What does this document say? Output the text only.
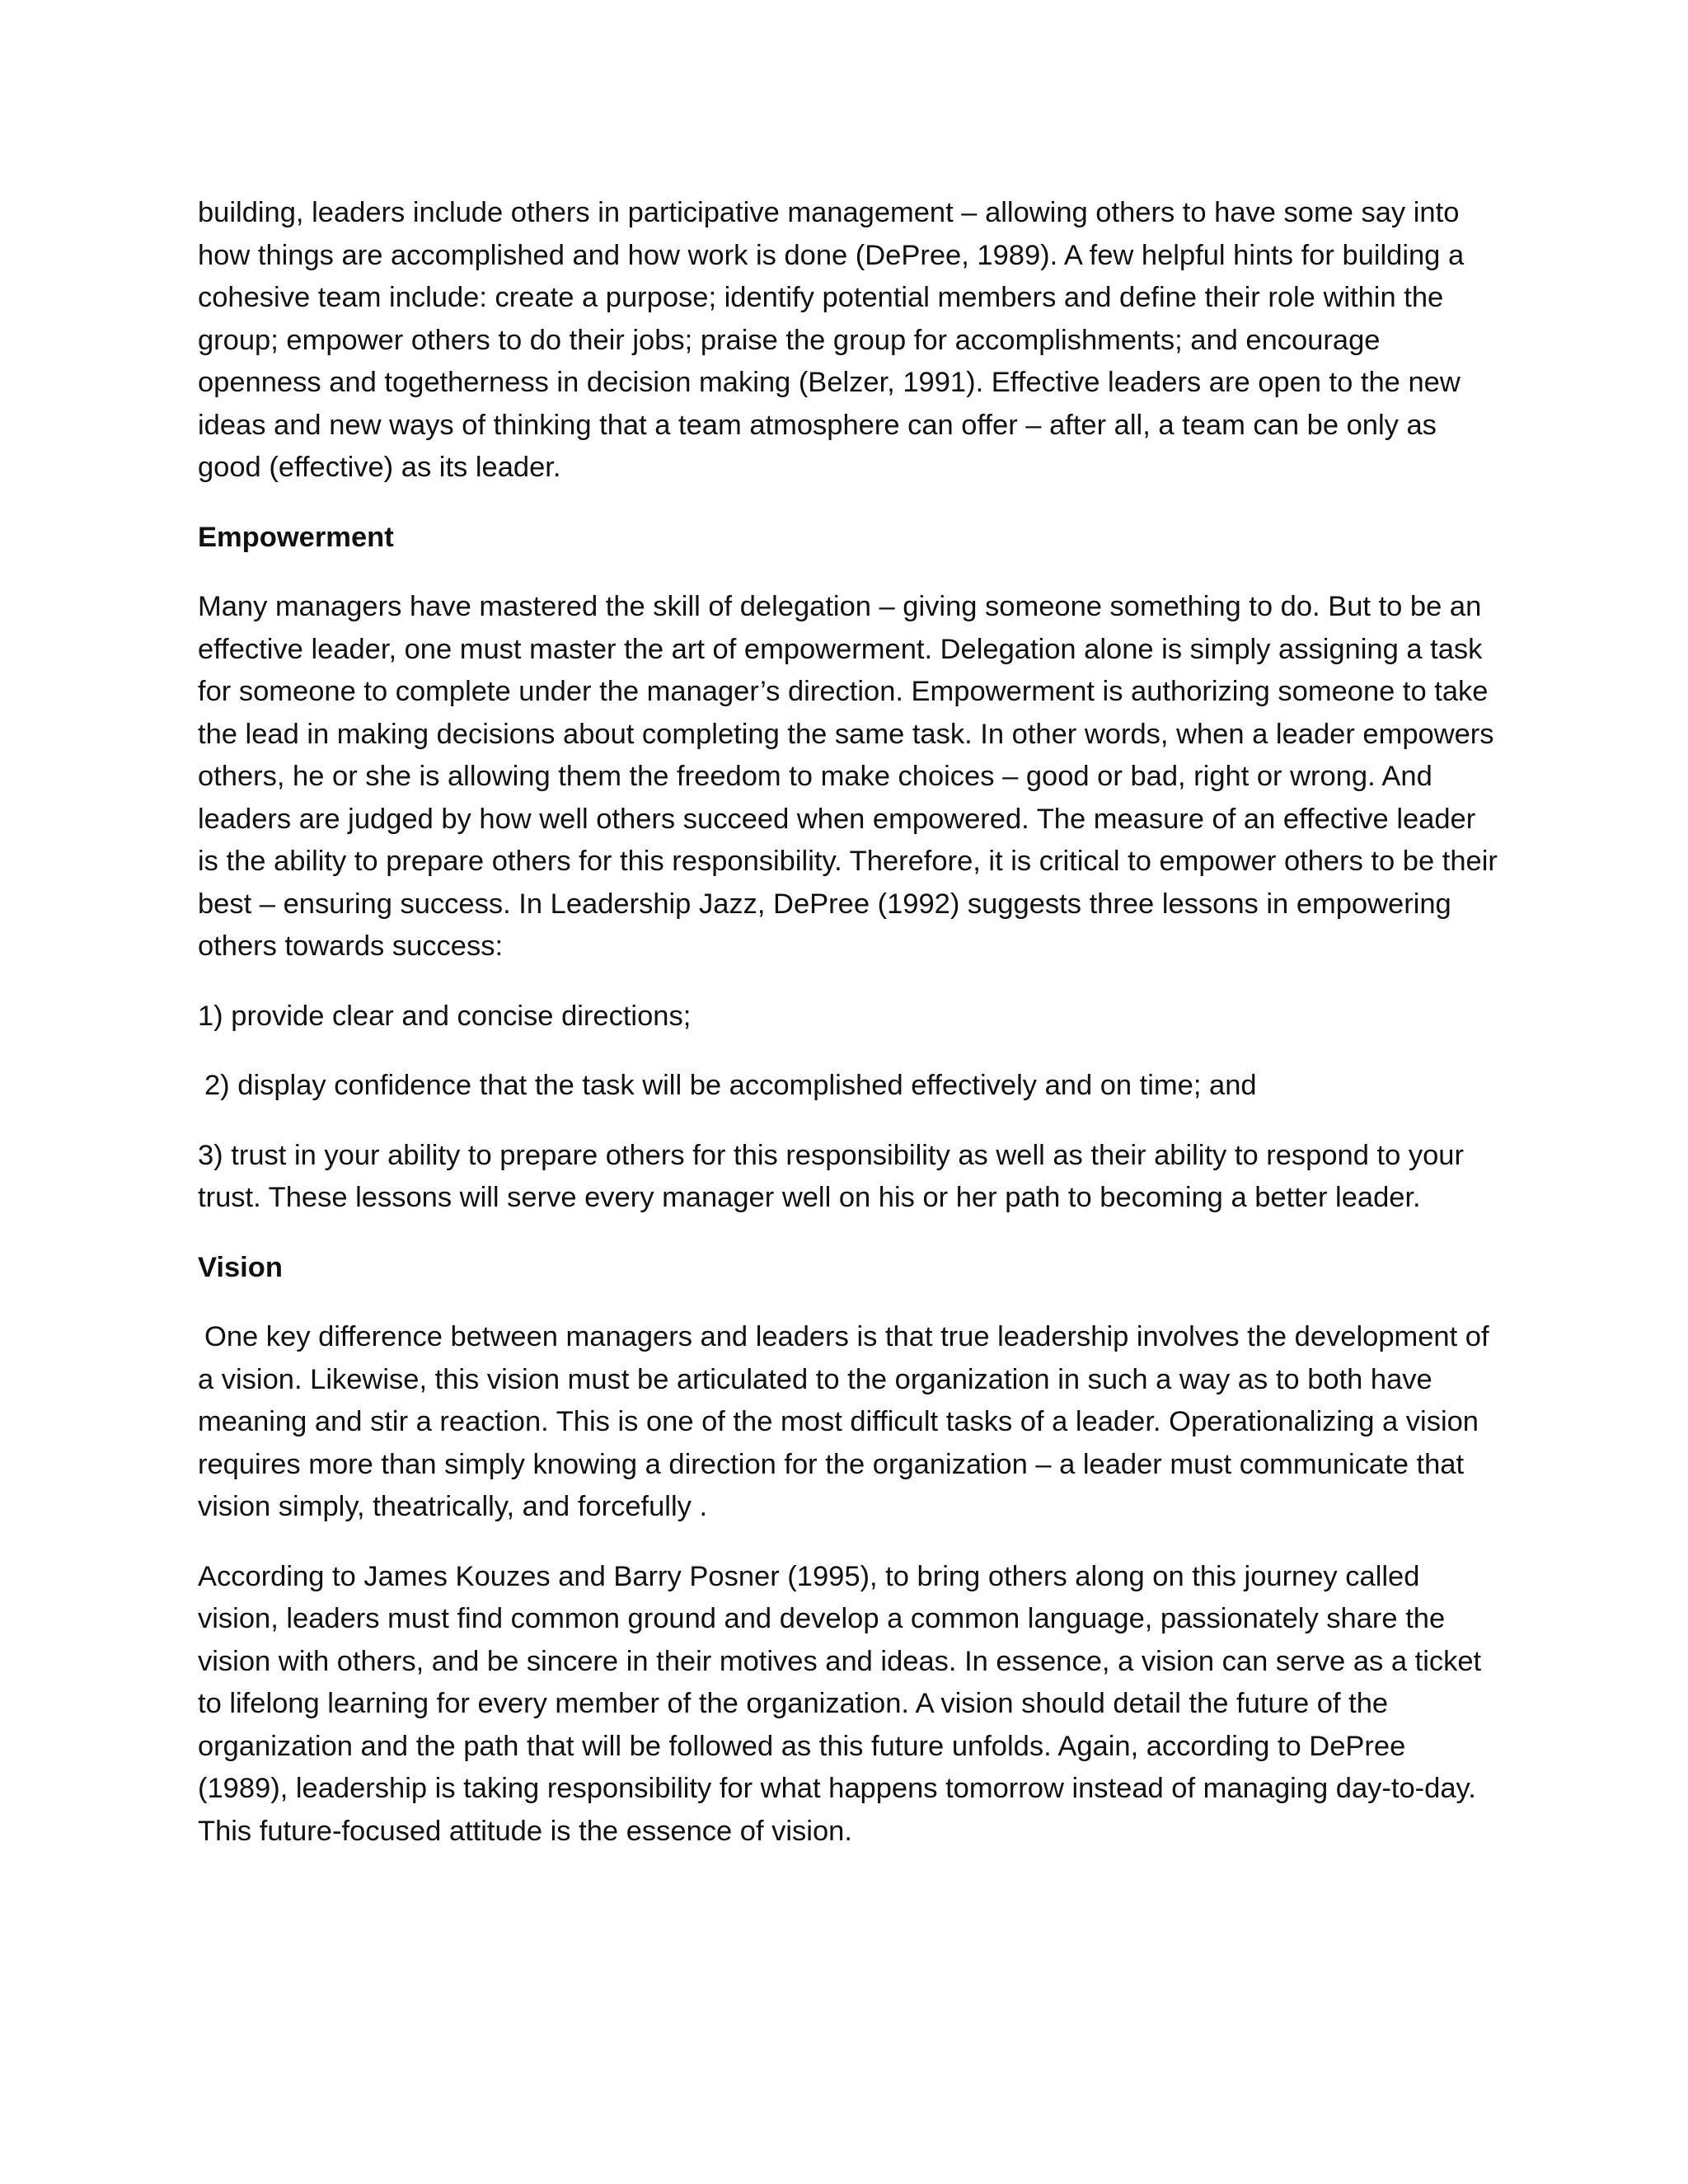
building, leaders include others in participative management – allowing others to have some say into how things are accomplished and how work is done (DePree, 1989). A few helpful hints for building a cohesive team include: create a purpose; identify potential members and define their role within the group; empower others to do their jobs; praise the group for accomplishments; and encourage openness and togetherness in decision making (Belzer, 1991). Effective leaders are open to the new ideas and new ways of thinking that a team atmosphere can offer – after all, a team can be only as good (effective) as its leader.

Empowerment

Many managers have mastered the skill of delegation – giving someone something to do. But to be an effective leader, one must master the art of empowerment. Delegation alone is simply assigning a task for someone to complete under the manager’s direction. Empowerment is authorizing someone to take the lead in making decisions about completing the same task. In other words, when a leader empowers others, he or she is allowing them the freedom to make choices – good or bad, right or wrong. And leaders are judged by how well others succeed when empowered. The measure of an effective leader is the ability to prepare others for this responsibility. Therefore, it is critical to empower others to be their best – ensuring success. In Leadership Jazz, DePree (1992) suggests three lessons in empowering others towards success:

1) provide clear and concise directions;

2) display confidence that the task will be accomplished effectively and on time; and

3) trust in your ability to prepare others for this responsibility as well as their ability to respond to your trust. These lessons will serve every manager well on his or her path to becoming a better leader.

Vision

One key difference between managers and leaders is that true leadership involves the development of a vision. Likewise, this vision must be articulated to the organization in such a way as to both have meaning and stir a reaction. This is one of the most difficult tasks of a leader. Operationalizing a vision requires more than simply knowing a direction for the organization – a leader must communicate that vision simply, theatrically, and forcefully .

According to James Kouzes and Barry Posner (1995), to bring others along on this journey called vision, leaders must find common ground and develop a common language, passionately share the vision with others, and be sincere in their motives and ideas. In essence, a vision can serve as a ticket to lifelong learning for every member of the organization. A vision should detail the future of the organization and the path that will be followed as this future unfolds. Again, according to DePree (1989), leadership is taking responsibility for what happens tomorrow instead of managing day-to-day. This future-focused attitude is the essence of vision.
